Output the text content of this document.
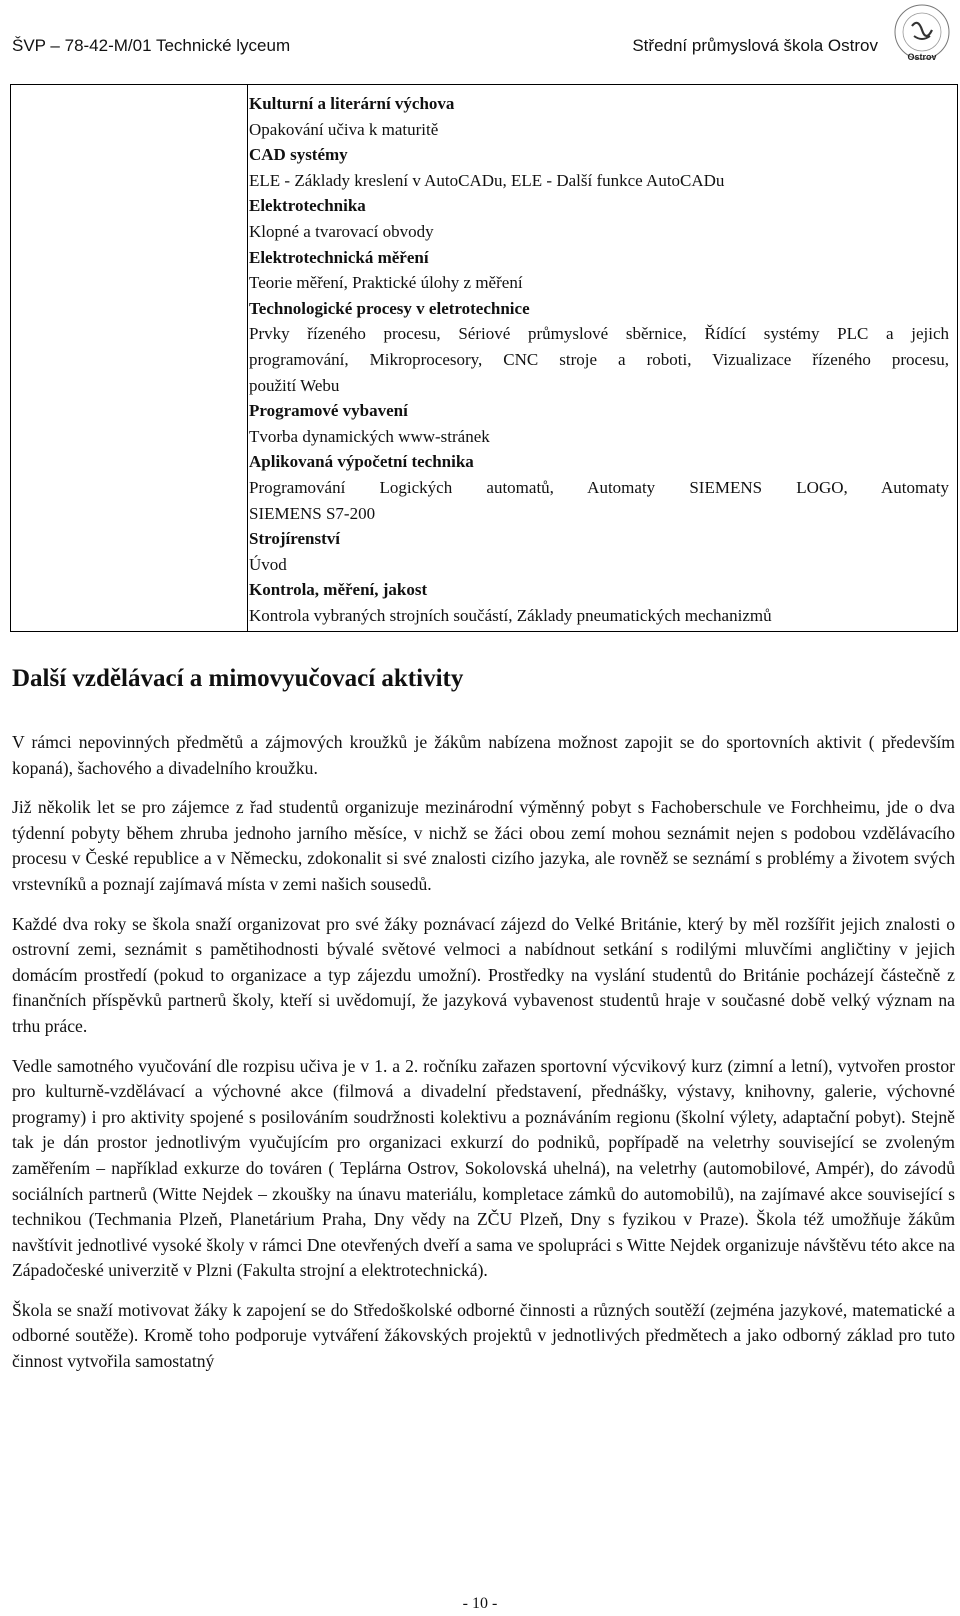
ŠVP – 78-42-M/01 Technické lyceum	Střední průmyslová škola Ostrov
Ostrov
Kulturní a literární výchova
Opakování učiva k maturitě
CAD systémy
ELE - Základy kreslení v AutoCADu, ELE - Další funkce AutoCADu
Elektrotechnika
Klopné a tvarovací obvody
Elektrotechnická měření
Teorie měření, Praktické úlohy z měření
Technologické procesy v eletrotechnice
Prvky řízeného procesu, Sériové průmyslové sběrnice, Řídící systémy PLC a jejich
programování, Mikroprocesory, CNC stroje a roboti, Vizualizace řízeného procesu,
použití Webu
Programové vybavení
Tvorba dynamických www-stránek
Aplikovaná výpočetní technika
Programování Logických automatů, Automaty SIEMENS LOGO, Automaty
SIEMENS S7-200
Strojírenství
Úvod
Kontrola, měření, jakost
Kontrola vybraných strojních součástí, Základy pneumatických mechanizmů
Další vzdělávací a mimovyučovací aktivity

V rámci nepovinných předmětů a zájmových kroužků je žákům nabízena možnost zapojit se do sportovních aktivit ( především kopaná), šachového a divadelního kroužku.

Již několik let se pro zájemce z řad studentů organizuje mezinárodní výměnný pobyt s Fachoberschule ve Forchheimu, jde o dva týdenní pobyty během zhruba jednoho jarního měsíce, v nichž se žáci obou zemí mohou seznámit nejen s podobou vzdělávacího procesu v České republice a v Německu, zdokonalit si své znalosti cizího jazyka, ale rovněž se seznámí s problémy a životem svých vrstevníků a poznají zajímavá místa v zemi našich sousedů.

Každé dva roky se škola snaží organizovat pro své žáky poznávací zájezd do Velké Británie, který by měl rozšířit jejich znalosti o ostrovní zemi, seznámit s pamětihodnosti bývalé světové velmoci a nabídnout setkání s rodilými mluvčími angličtiny v jejich domácím prostředí (pokud to organizace a typ zájezdu umožní). Prostředky na vyslání studentů do Británie pocházejí částečně z finančních příspěvků partnerů školy, kteří si uvědomují, že jazyková vybavenost studentů hraje v současné době velký význam na trhu práce.

Vedle samotného vyučování dle rozpisu učiva je v 1. a 2. ročníku zařazen sportovní výcvikový kurz (zimní a letní), vytvořen prostor pro kulturně-vzdělávací a výchovné akce (filmová a divadelní představení, přednášky, výstavy, knihovny, galerie, výchovné programy) i pro aktivity spojené s posilováním soudržnosti kolektivu a poznáváním regionu (školní výlety, adaptační pobyt). Stejně tak je dán prostor jednotlivým vyučujícím pro organizaci exkurzí do podniků, popřípadě na veletrhy související se zvoleným zaměřením – například exkurze do továren ( Teplárna Ostrov, Sokolovská uhelná), na veletrhy (automobilové, Ampér), do závodů sociálních partnerů (Witte Nejdek – zkoušky na únavu materiálu, kompletace zámků do automobilů), na zajímavé akce související s technikou (Techmania Plzeň, Planetárium Praha, Dny vědy na ZČU Plzeň, Dny s fyzikou v Praze). Škola též umožňuje žákům navštívit jednotlivé vysoké školy v rámci Dne otevřených dveří a sama ve spolupráci s Witte Nejdek organizuje návštěvu této akce na Západočeské univerzitě v Plzni (Fakulta strojní a elektrotechnická).

Škola se snaží motivovat žáky k zapojení se do Středoškolské odborné činnosti a různých soutěží (zejména jazykové, matematické a odborné soutěže). Kromě toho podporuje vytváření žákovských projektů v jednotlivých předmětech a jako odborný základ pro tuto činnost vytvořila samostatný

- 10 -
